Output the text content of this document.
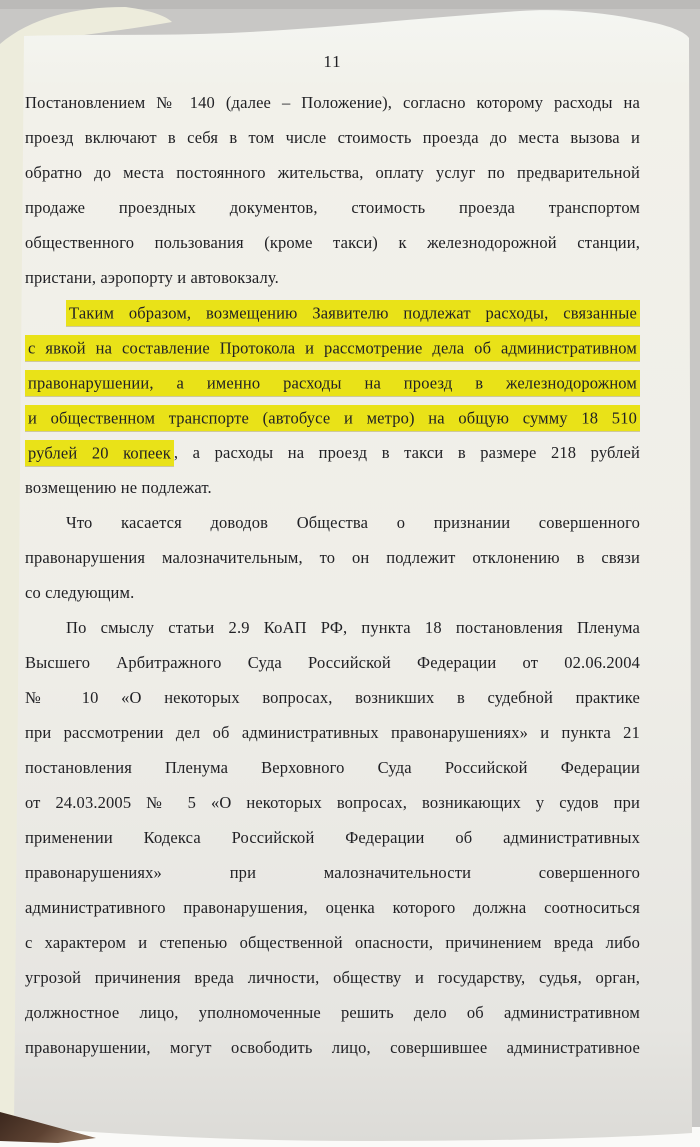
11
Постановлением № 140 (далее – Положение), согласно которому расходы на
проезд включают в себя в том числе стоимость проезда до места вызова и
обратно до места постоянного жительства, оплату услуг по предварительной
продаже проездных документов, стоимость проезда транспортом
общественного пользования (кроме такси) к железнодорожной станции,
пристани, аэропорту и автовокзалу.
Таким образом, возмещению Заявителю подлежат расходы, связанные
с явкой на составление Протокола и рассмотрение дела об административном
правонарушении, а именно расходы на проезд в железнодорожном
и общественном транспорте (автобусе и метро) на общую сумму 18 510
рублей 20 копеек , а расходы на проезд в такси в размере 218 рублей
возмещению не подлежат.
Что касается доводов Общества о признании совершенного
правонарушения малозначительным, то он подлежит отклонению в связи
со следующим.
По смыслу статьи 2.9 КоАП РФ, пункта 18 постановления Пленума
Высшего Арбитражного Суда Российской Федерации от 02.06.2004
№ 10 «О некоторых вопросах, возникших в судебной практике
при рассмотрении дел об административных правонарушениях» и пункта 21
постановления Пленума Верховного Суда Российской Федерации
от 24.03.2005 № 5 «О некоторых вопросах, возникающих у судов при
применении Кодекса Российской Федерации об административных
правонарушениях» при малозначительности совершенного
административного правонарушения, оценка которого должна соотноситься
с характером и степенью общественной опасности, причинением вреда либо
угрозой причинения вреда личности, обществу и государству, судья, орган,
должностное лицо, уполномоченные решить дело об административном
правонарушении, могут освободить лицо, совершившее административное
